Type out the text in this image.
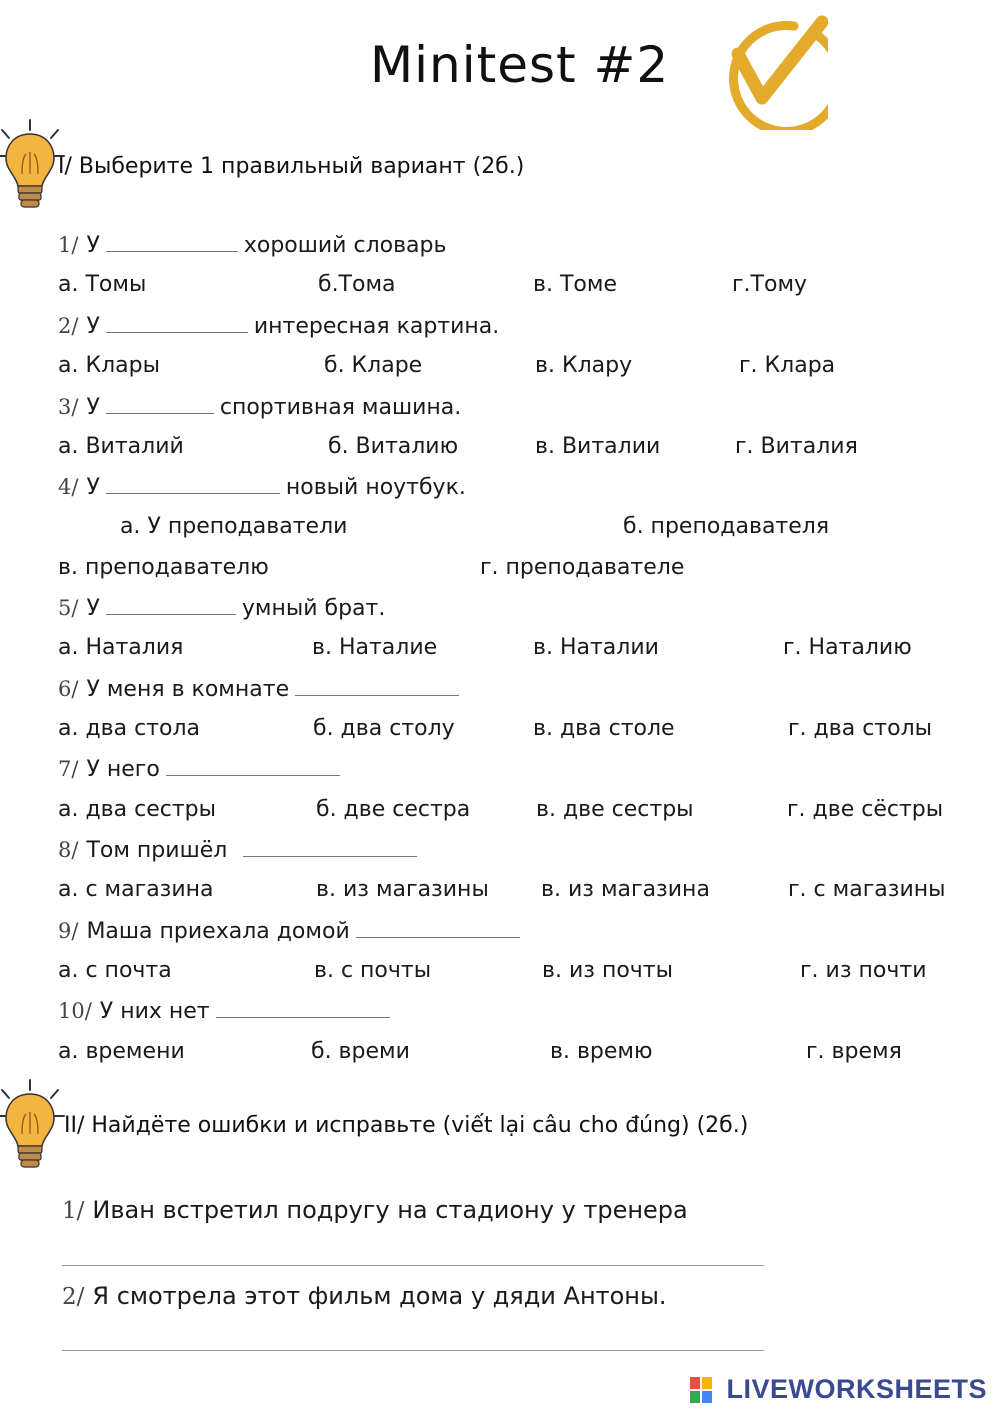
Minitest #2
I/ Выберите 1 правильный вариант (2б.)
1/ У	хороший словарь
а. Томы	б.Тома	в. Томе	г.Тому
2/ У	интересная картина.
а. Клары	б. Кларе	в. Клару	г. Клара
3/ У	спортивная машина.
а. Виталий	б. Виталию	в. Виталии	г. Виталия
4/ У	новый ноутбук.
а. У преподаватели	б. преподавателя
в. преподавателю	г. преподавателе
5/ У	умный брат.
а. Наталия	в. Наталие	в. Наталии	г. Наталию
6/ У меня в комнате
а. два стола	б. два столу	в. два столе	г. два столы
7/ У него
а. два сестры	б. две сестра	в. две сестры	г. две сёстры
8/ Том пришёл
а. с магазина	в. из магазины в. из магазина	г. с магазины
9/ Маша приехала домой
а. с почта	в. с почты	в. из почты	г. из почти
10/ У них нет
а. времени	б. времи	в. времю	г. время
II/ Найдёте ошибки и исправьте (viết lại câu cho đúng) (2б.)
1/ Иван встретил подругу на стадиону у тренера
2/ Я смотрела этот фильм дома у дяди Антоны.
LIVEWORKSHEETS
